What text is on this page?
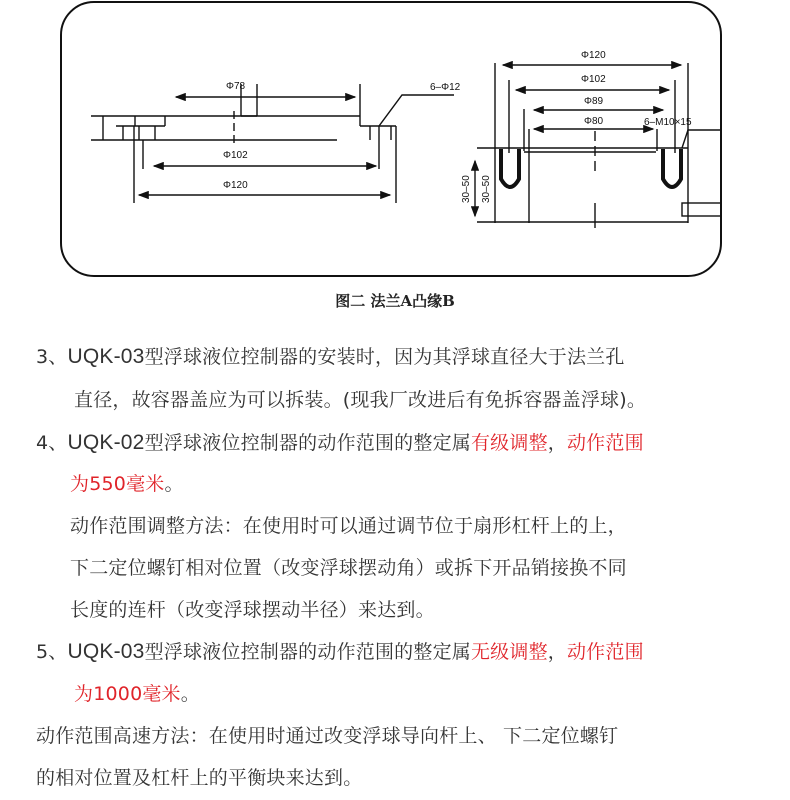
Φ78
Φ102
Φ120
6–Φ12
Φ120
Φ102
Φ89
Φ80	6–M10×15
30–50 30–50
图二 法兰A凸缘B
3、UQK-03型浮球液位控制器的安装时，因为其浮球直径大于法兰孔
直径，故容器盖应为可以拆装。(现我厂改进后有免拆容器盖浮球)。
4、UQK-02型浮球液位控制器的动作范围的整定属有级调整，动作范围
为550毫米。
动作范围调整方法：在使用时可以通过调节位于扇形杠杆上的上，
下二定位螺钉相对位置（改变浮球摆动角）或拆下开品销接换不同
长度的连杆（改变浮球摆动半径）来达到。
5、UQK-03型浮球液位控制器的动作范围的整定属无级调整，动作范围
为1000毫米。
动作范围高速方法：在使用时通过改变浮球导向杆上、 下二定位螺钉
的相对位置及杠杆上的平衡块来达到。
